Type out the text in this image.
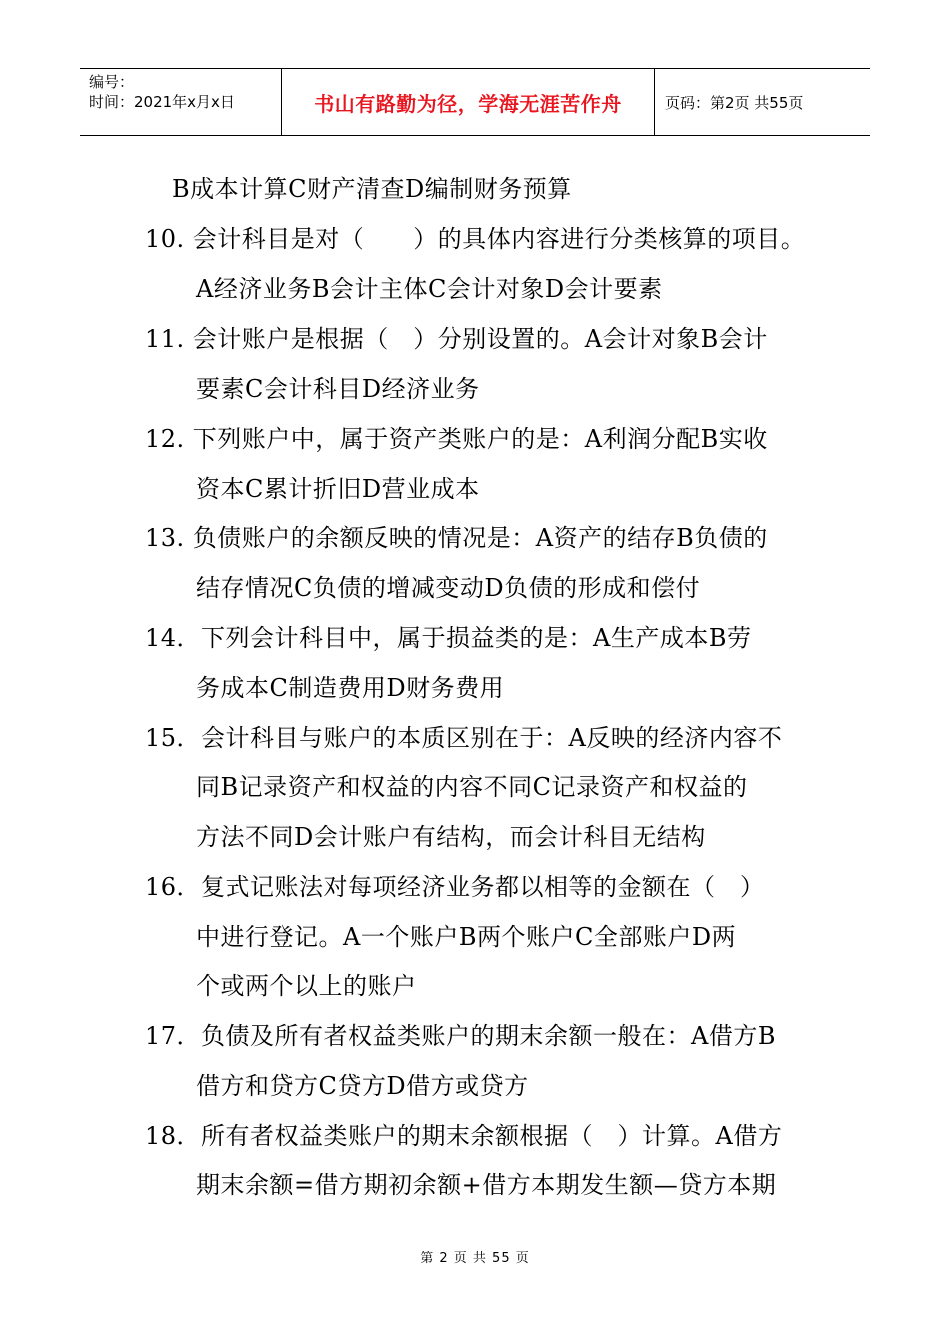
编号：
时间：2021年x月x日	书山有路勤为径，学海无涯苦作舟	页码：第2页 共55页
B成本计算C财产清查D编制财务预算
10. 会计科目是对（　　）的具体内容进行分类核算的项目。
A经济业务B会计主体C会计对象D会计要素
11. 会计账户是根据（　）分别设置的。A会计对象B会计
要素C会计科目D经济业务
12. 下列账户中，属于资产类账户的是：A利润分配B实收
资本C累计折旧D营业成本
13. 负债账户的余额反映的情况是：A资产的结存B负债的
结存情况C负债的增减变动D负债的形成和偿付
14．下列会计科目中，属于损益类的是：A生产成本B劳
务成本C制造费用D财务费用
15．会计科目与账户的本质区别在于：A反映的经济内容不
同B记录资产和权益的内容不同C记录资产和权益的
方法不同D会计账户有结构，而会计科目无结构
16．复式记账法对每项经济业务都以相等的金额在（　）
中进行登记。A一个账户B两个账户C全部账户D两
个或两个以上的账户
17．负债及所有者权益类账户的期末余额一般在：A借方B
借方和贷方C贷方D借方或贷方
18．所有者权益类账户的期末余额根据（　）计算。A借方
期末余额=借方期初余额+借方本期发生额—贷方本期
第 2 页 共 55 页
